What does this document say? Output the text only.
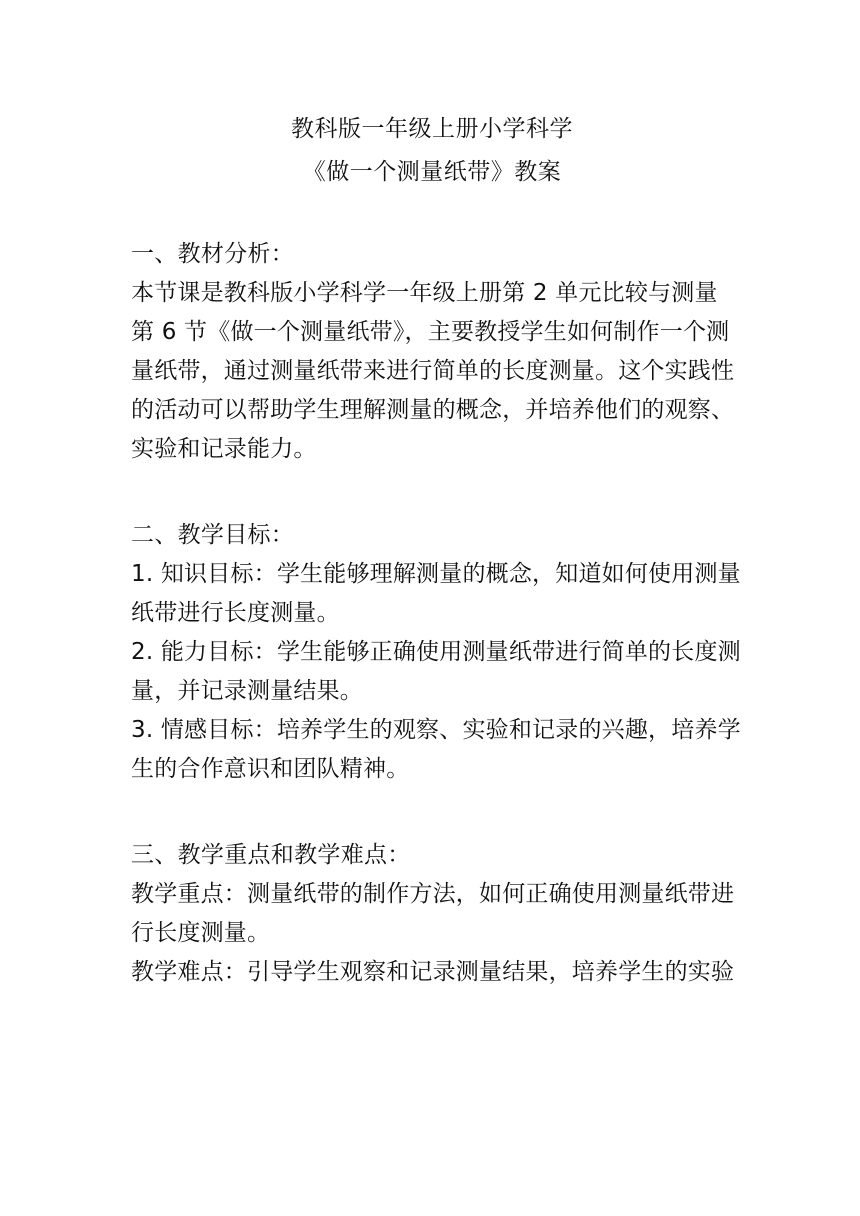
教科版一年级上册小学科学
《做一个测量纸带》教案
一、教材分析：
本节课是教科版小学科学一年级上册第 2 单元比较与测量
第 6 节《做一个测量纸带》，主要教授学生如何制作一个测
量纸带，通过测量纸带来进行简单的长度测量。这个实践性
的活动可以帮助学生理解测量的概念，并培养他们的观察、
实验和记录能力。
二、教学目标：
1. 知识目标：学生能够理解测量的概念，知道如何使用测量
纸带进行长度测量。
2. 能力目标：学生能够正确使用测量纸带进行简单的长度测
量，并记录测量结果。
3. 情感目标：培养学生的观察、实验和记录的兴趣，培养学
生的合作意识和团队精神。
三、教学重点和教学难点：
教学重点：测量纸带的制作方法，如何正确使用测量纸带进
行长度测量。
教学难点：引导学生观察和记录测量结果，培养学生的实验
